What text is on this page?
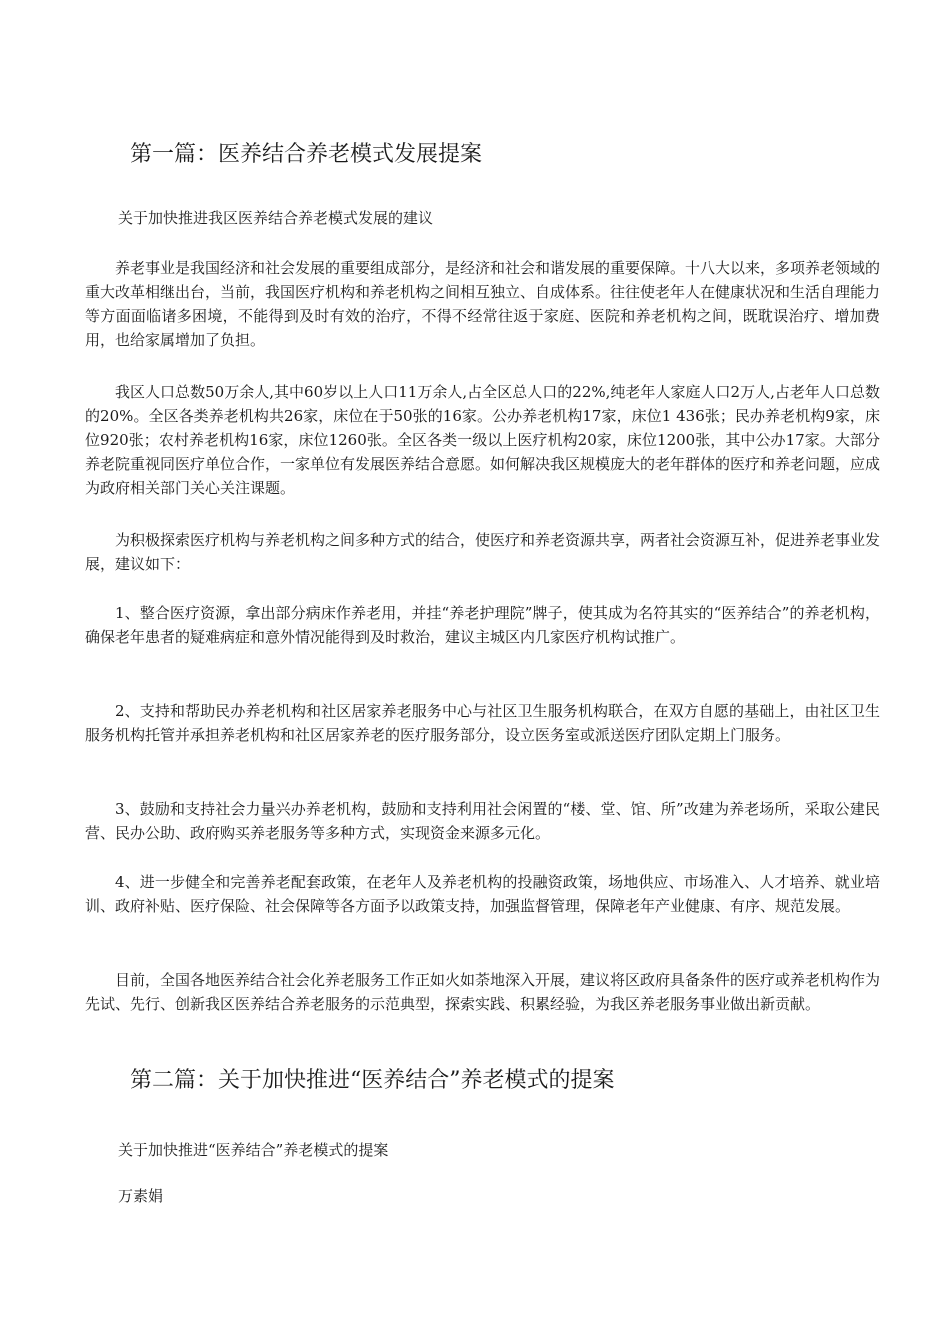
第一篇：医养结合养老模式发展提案

关于加快推进我区医养结合养老模式发展的建议

养老事业是我国经济和社会发展的重要组成部分，是经济和社会和谐发展的重要保障。十八大以来，多项养老领域的重大改革相继出台，当前，我国医疗机构和养老机构之间相互独立、自成体系。往往使老年人在健康状况和生活自理能力等方面面临诸多困境，不能得到及时有效的治疗，不得不经常往返于家庭、医院和养老机构之间，既耽误治疗、增加费用，也给家属增加了负担。

我区人口总数50万余人,其中60岁以上人口11万余人,占全区总人口的22%,纯老年人家庭人口2万人,占老年人口总数的20%。全区各类养老机构共26家，床位在于50张的16家。公办养老机构17家，床位1 436张；民办养老机构9家，床位920张；农村养老机构16家，床位1260张。全区各类一级以上医疗机构20家，床位1200张，其中公办17家。大部分养老院重视同医疗单位合作，一家单位有发展医养结合意愿。如何解决我区规模庞大的老年群体的医疗和养老问题，应成为政府相关部门关心关注课题。

为积极探索医疗机构与养老机构之间多种方式的结合，使医疗和养老资源共享，两者社会资源互补，促进养老事业发展，建议如下：

1、整合医疗资源，拿出部分病床作养老用，并挂“养老护理院”牌子，使其成为名符其实的“医养结合”的养老机构，确保老年患者的疑难病症和意外情况能得到及时救治，建议主城区内几家医疗机构试推广。

2、支持和帮助民办养老机构和社区居家养老服务中心与社区卫生服务机构联合，在双方自愿的基础上，由社区卫生服务机构托管并承担养老机构和社区居家养老的医疗服务部分，设立医务室或派送医疗团队定期上门服务。

3、鼓励和支持社会力量兴办养老机构，鼓励和支持利用社会闲置的“楼、堂、馆、所”改建为养老场所，采取公建民营、民办公助、政府购买养老服务等多种方式，实现资金来源多元化。

4、进一步健全和完善养老配套政策，在老年人及养老机构的投融资政策，场地供应、市场准入、人才培养、就业培训、政府补贴、医疗保险、社会保障等各方面予以政策支持，加强监督管理，保障老年产业健康、有序、规范发展。

目前，全国各地医养结合社会化养老服务工作正如火如荼地深入开展，建议将区政府具备条件的医疗或养老机构作为先试、先行、创新我区医养结合养老服务的示范典型，探索实践、积累经验，为我区养老服务事业做出新贡献。

第二篇：关于加快推进“医养结合”养老模式的提案

关于加快推进“医养结合”养老模式的提案

万素娟
